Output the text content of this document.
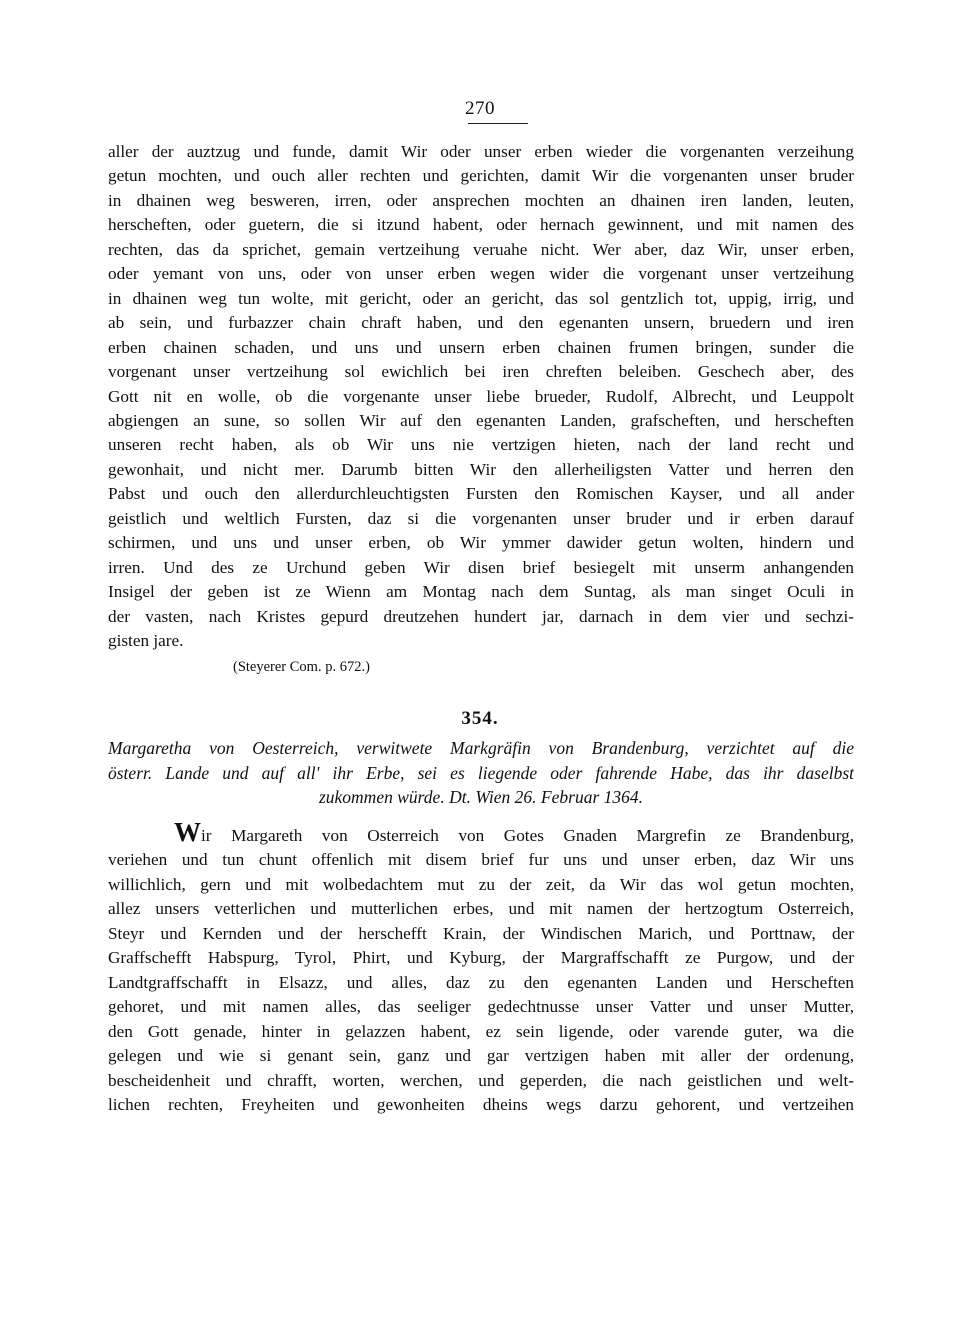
270
aller der auztzug und funde, damit Wir oder unser erben wieder die vorgenanten verzeihung
getun mochten, und ouch aller rechten und gerichten, damit Wir die vorgenanten unser bruder
in dhainen weg besweren, irren, oder ansprechen mochten an dhainen iren landen, leuten,
herscheften, oder guetern, die si itzund habent, oder hernach gewinnent, und mit namen des
rechten, das da sprichet, gemain vertzeihung veruahe nicht. Wer aber, daz Wir, unser erben,
oder yemant von uns, oder von unser erben wegen wider die vorgenant unser vertzeihung
in dhainen weg tun wolte, mit gericht, oder an gericht, das sol gentzlich tot, uppig, irrig, und
ab sein, und furbazzer chain chraft haben, und den egenanten unsern, bruedern und iren
erben chainen schaden, und uns und unsern erben chainen frumen bringen, sunder die
vorgenant unser vertzeihung sol ewichlich bei iren chreften beleiben. Geschech aber, des
Gott nit en wolle, ob die vorgenante unser liebe brueder, Rudolf, Albrecht, und Leuppolt
abgiengen an sune, so sollen Wir auf den egenanten Landen, grafscheften, und herscheften
unseren recht haben, als ob Wir uns nie vertzigen hieten, nach der land recht und
gewonhait, und nicht mer. Darumb bitten Wir den allerheiligsten Vatter und herren den
Pabst und ouch den allerdurchleuchtigsten Fursten den Romischen Kayser, und all ander
geistlich und weltlich Fursten, daz si die vorgenanten unser bruder und ir erben darauf
schirmen, und uns und unser erben, ob Wir ymmer dawider getun wolten, hindern und
irren. Und des ze Urchund geben Wir disen brief besiegelt mit unserm anhangenden
Insigel der geben ist ze Wienn am Montag nach dem Suntag, als man singet Oculi in
der vasten, nach Kristes gepurd dreutzehen hundert jar, darnach in dem vier und sechzi-
gisten jare.
(Steyerer Com. p. 672.)
354.
Margaretha von Oesterreich, verwitwete Markgräfin von Brandenburg, verzichtet auf die
österr. Lande und auf all' ihr Erbe, sei es liegende oder fahrende Habe, das ihr daselbst
zukommen würde. Dt. Wien 26. Februar 1364.
Wir Margareth von Osterreich von Gotes Gnaden Margrefin ze Brandenburg,
veriehen und tun chunt offenlich mit disem brief fur uns und unser erben, daz Wir uns
willichlich, gern und mit wolbedachtem mut zu der zeit, da Wir das wol getun mochten,
allez unsers vetterlichen und mutterlichen erbes, und mit namen der hertzogtum Osterreich,
Steyr und Kernden und der herschefft Krain, der Windischen Marich, und Porttnaw, der
Graffschefft Habspurg, Tyrol, Phirt, und Kyburg, der Margraffschafft ze Purgow, und der
Landtgraffschafft in Elsazz, und alles, daz zu den egenanten Landen und Herscheften
gehoret, und mit namen alles, das seeliger gedechtnusse unser Vatter und unser Mutter,
den Gott genade, hinter in gelazzen habent, ez sein ligende, oder varende guter, wa die
gelegen und wie si genant sein, ganz und gar vertzigen haben mit aller der ordenung,
bescheidenheit und chrafft, worten, werchen, und geperden, die nach geistlichen und welt-
lichen rechten, Freyheiten und gewonheiten dheins wegs darzu gehorent, und vertzeihen
